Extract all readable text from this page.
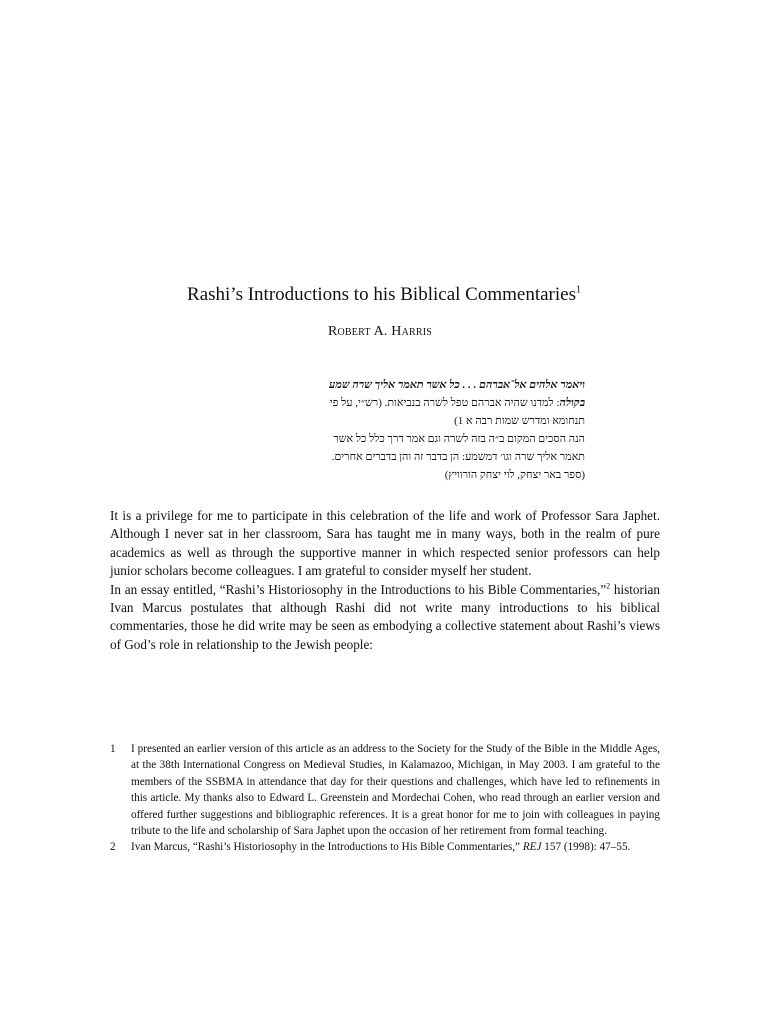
Rashi’s Introductions to his Biblical Commentaries$^1$
Robert A. Harris
ויאמר אלהים אל־אברהם . . . כל אשר תאמר אליך שרה שמע
בקולה: למדנו שהיה אברהם טפל לשרה בנביאות. (רש״י, על פי
תנחומא ומדרש שמות רבה א 1)
הנה הסכים המקום ב״ה בזה לשרה וגם אמר דרך כלל כל אשר
תאמר אליך שרה וגו׳ דמשמע: הן בדבר זה והן בדברים אחרים.
(ספר באר יצחק, לוי יצחק הורוויץ)

It is a privilege for me to participate in this celebration of the life and work of Professor Sara Japhet. Although I never sat in her classroom, Sara has taught me in many ways, both in the realm of pure academics as well as through the supportive manner in which respected senior professors can help junior scholars become colleagues. I am grateful to consider myself her student.

In an essay entitled, “Rashi’s Historiosophy in the Introductions to his Bible Commentaries,”$^2$ historian Ivan Marcus postulates that although Rashi did not write many introductions to his biblical commentaries, those he did write may be seen as embodying a collective statement about Rashi’s views of God’s role in relationship to the Jewish people:

1 I presented an earlier version of this article as an address to the Society for the Study of the Bible in the Middle Ages, at the 38th International Congress on Medieval Studies, in Kalamazoo, Michigan, in May 2003. I am grateful to the members of the SSBMA in attendance that day for their questions and challenges, which have led to refinements in this article. My thanks also to Edward L. Greenstein and Mordechai Cohen, who read through an earlier version and offered further suggestions and bibliographic references. It is a great honor for me to join with colleagues in paying tribute to the life and scholarship of Sara Japhet upon the occasion of her retirement from formal teaching.
2 Ivan Marcus, “Rashi’s Historiosophy in the Introductions to His Bible Commentaries,” REJ 157 (1998): 47–55.
